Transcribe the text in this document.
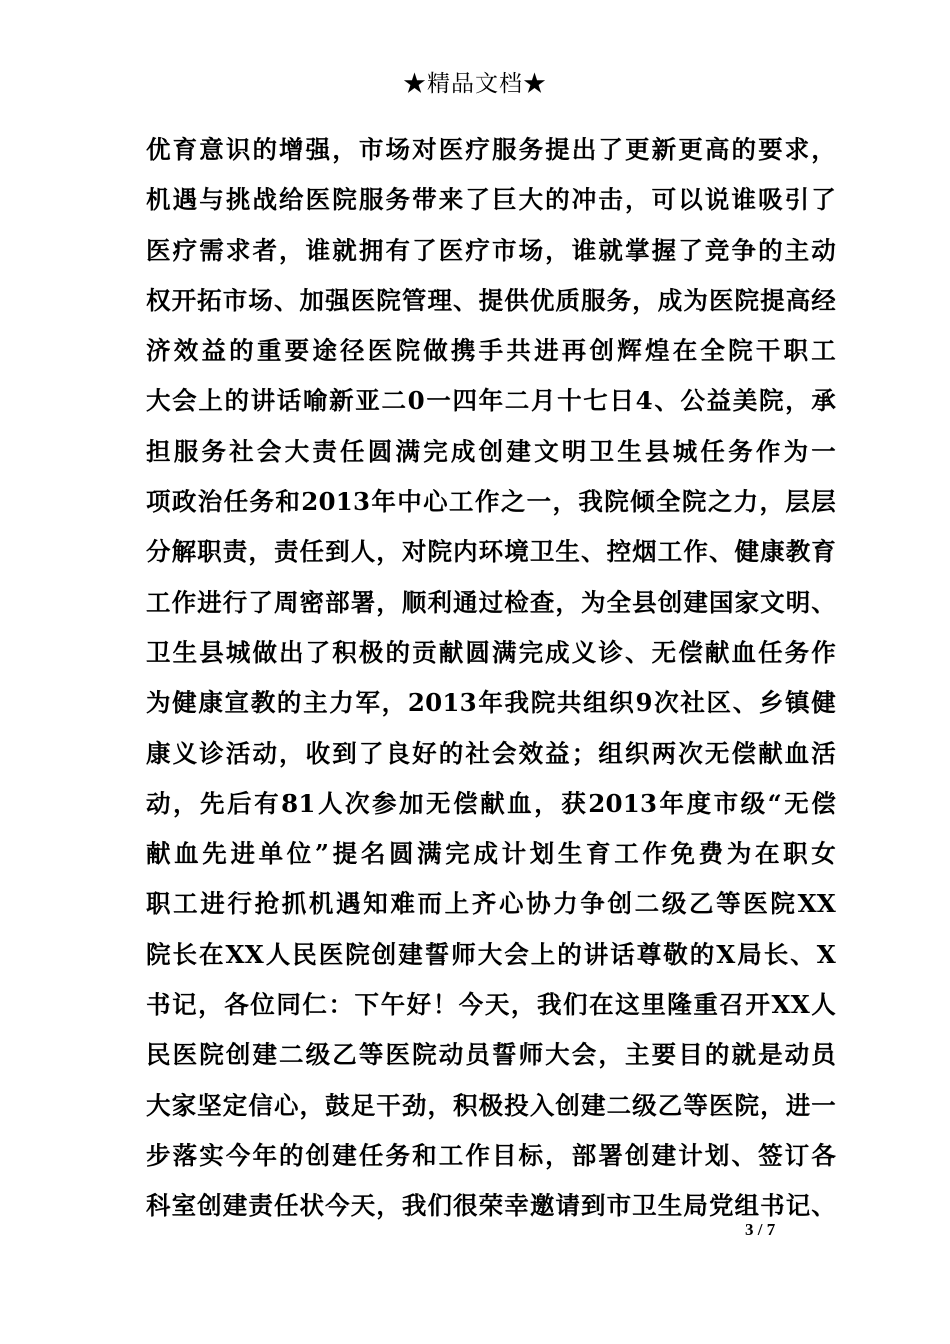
★精品文档★
优育意识的增强，市场对医疗服务提出了更新更高的要求，
机遇与挑战给医院服务带来了巨大的冲击，可以说谁吸引了
医疗需求者，谁就拥有了医疗市场，谁就掌握了竞争的主动
权开拓市场、加强医院管理、提供优质服务，成为医院提高经
济效益的重要途径医院做携手共进再创辉煌在全院干职工
大会上的讲话喻新亚二0一四年二月十七日4、公益美院，承
担服务社会大责任圆满完成创建文明卫生县城任务作为一
项政治任务和2013年中心工作之一，我院倾全院之力，层层
分解职责，责任到人，对院内环境卫生、控烟工作、健康教育
工作进行了周密部署，顺利通过检查，为全县创建国家文明、
卫生县城做出了积极的贡献圆满完成义诊、无偿献血任务作
为健康宣教的主力军，2013年我院共组织9次社区、乡镇健
康义诊活动，收到了良好的社会效益；组织两次无偿献血活
动，先后有81人次参加无偿献血，获2013年度市级“无偿
献血先进单位”提名圆满完成计划生育工作免费为在职女
职工进行抢抓机遇知难而上齐心协力争创二级乙等医院XX
院长在XX人民医院创建誓师大会上的讲话尊敬的X局长、X
书记，各位同仁：下午好！今天，我们在这里隆重召开XX人
民医院创建二级乙等医院动员誓师大会，主要目的就是动员
大家坚定信心，鼓足干劲，积极投入创建二级乙等医院，进一
步落实今年的创建任务和工作目标，部署创建计划、签订各
科室创建责任状今天，我们很荣幸邀请到市卫生局党组书记、
3 / 7
